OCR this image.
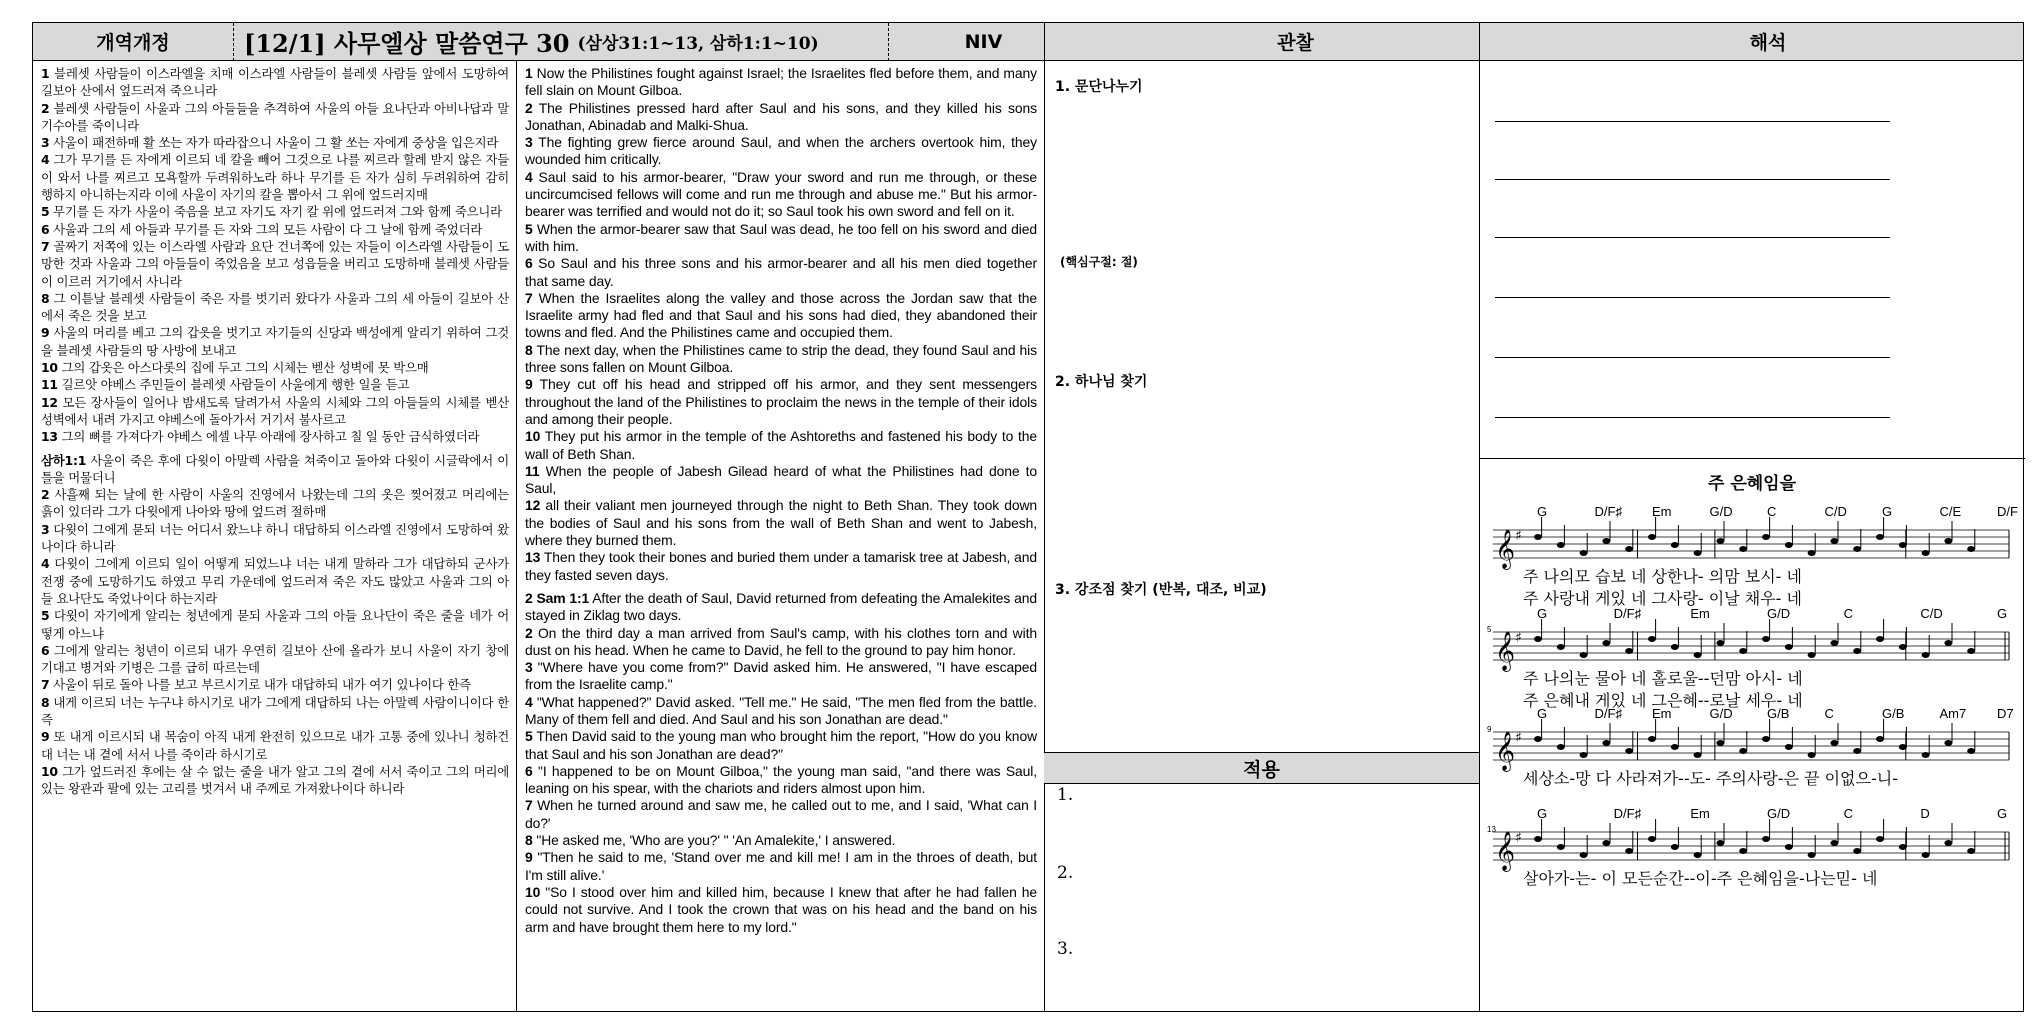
개역개정	[12/1] 사무엘상 말씀연구 30 (삼상31:1~13, 삼하1:1~10)	NIV	관찰	해석

1 블레셋 사람들이 이스라엘을 치매 이스라엘 사람들이 블레셋 사람들 앞에서 도망하여 길보아 산에서 엎드러져 죽으니라

2 블레셋 사람들이 사울과 그의 아들들을 추격하여 사울의 아들 요나단과 아비나답과 말기수아를 죽이니라

3 사울이 패전하매 활 쏘는 자가 따라잡으니 사울이 그 활 쏘는 자에게 중상을 입은지라

4 그가 무기를 든 자에게 이르되 네 칼을 빼어 그것으로 나를 찌르라 할례 받지 않은 자들이 와서 나를 찌르고 모욕할까 두려워하노라 하나 무기를 든 자가 심히 두려워하여 감히 행하지 아니하는지라 이에 사울이 자기의 칼을 뽑아서 그 위에 엎드러지매

5 무기를 든 자가 사울이 죽음을 보고 자기도 자기 칼 위에 엎드러져 그와 함께 죽으니라

6 사울과 그의 세 아들과 무기를 든 자와 그의 모든 사람이 다 그 날에 함께 죽었더라

7 골짜기 저쪽에 있는 이스라엘 사람과 요단 건너쪽에 있는 자들이 이스라엘 사람들이 도망한 것과 사울과 그의 아들들이 죽었음을 보고 성읍들을 버리고 도망하매 블레셋 사람들이 이르러 거기에서 사니라

8 그 이튿날 블레셋 사람들이 죽은 자를 벗기러 왔다가 사울과 그의 세 아들이 길보아 산에서 죽은 것을 보고

9 사울의 머리를 베고 그의 갑옷을 벗기고 자기들의 신당과 백성에게 알리기 위하여 그것을 블레셋 사람들의 땅 사방에 보내고

10 그의 갑옷은 아스다롯의 집에 두고 그의 시체는 벧산 성벽에 못 박으매

11 길르앗 야베스 주민들이 블레셋 사람들이 사울에게 행한 일을 듣고

12 모든 장사들이 일어나 밤새도록 달려가서 사울의 시체와 그의 아들들의 시체를 벧산 성벽에서 내려 가지고 야베스에 돌아가서 거기서 불사르고

13 그의 뼈를 가져다가 야베스 에셀 나무 아래에 장사하고 칠 일 동안 금식하였더라

삼하1:1 사울이 죽은 후에 다윗이 아말렉 사람을 쳐죽이고 돌아와 다윗이 시글락에서 이틀을 머물더니

2 사흘째 되는 날에 한 사람이 사울의 진영에서 나왔는데 그의 옷은 찢어졌고 머리에는 흙이 있더라 그가 다윗에게 나아와 땅에 엎드려 절하매

3 다윗이 그에게 묻되 너는 어디서 왔느냐 하니 대답하되 이스라엘 진영에서 도망하여 왔나이다 하니라

4 다윗이 그에게 이르되 일이 어떻게 되었느냐 너는 내게 말하라 그가 대답하되 군사가 전쟁 중에 도망하기도 하였고 무리 가운데에 엎드러져 죽은 자도 많았고 사울과 그의 아들 요나단도 죽었나이다 하는지라

5 다윗이 자기에게 알리는 청년에게 묻되 사울과 그의 아들 요나단이 죽은 줄을 네가 어떻게 아느냐

6 그에게 알리는 청년이 이르되 내가 우연히 길보아 산에 올라가 보니 사울이 자기 창에 기대고 병거와 기병은 그를 급히 따르는데

7 사울이 뒤로 돌아 나를 보고 부르시기로 내가 대답하되 내가 여기 있나이다 한즉

8 내게 이르되 너는 누구냐 하시기로 내가 그에게 대답하되 나는 아말렉 사람이니이다 한즉

9 또 내게 이르시되 내 목숨이 아직 내게 완전히 있으므로 내가 고통 중에 있나니 청하건대 너는 내 곁에 서서 나를 죽이라 하시기로

10 그가 엎드러진 후에는 살 수 없는 줄을 내가 알고 그의 곁에 서서 죽이고 그의 머리에 있는 왕관과 팔에 있는 고리를 벗겨서 내 주께로 가져왔나이다 하니라

1 Now the Philistines fought against Israel; the Israelites fled before them, and many fell slain on Mount Gilboa.

2 The Philistines pressed hard after Saul and his sons, and they killed his sons Jonathan, Abinadab and Malki-Shua.

3 The fighting grew fierce around Saul, and when the archers overtook him, they wounded him critically.

4 Saul said to his armor-bearer, "Draw your sword and run me through, or these uncircumcised fellows will come and run me through and abuse me." But his armor-bearer was terrified and would not do it; so Saul took his own sword and fell on it.

5 When the armor-bearer saw that Saul was dead, he too fell on his sword and died with him.

6 So Saul and his three sons and his armor-bearer and all his men died together that same day.

7 When the Israelites along the valley and those across the Jordan saw that the Israelite army had fled and that Saul and his sons had died, they abandoned their towns and fled. And the Philistines came and occupied them.

8 The next day, when the Philistines came to strip the dead, they found Saul and his three sons fallen on Mount Gilboa.

9 They cut off his head and stripped off his armor, and they sent messengers throughout the land of the Philistines to proclaim the news in the temple of their idols and among their people.

10 They put his armor in the temple of the Ashtoreths and fastened his body to the wall of Beth Shan.

11 When the people of Jabesh Gilead heard of what the Philistines had done to Saul,

12 all their valiant men journeyed through the night to Beth Shan. They took down the bodies of Saul and his sons from the wall of Beth Shan and went to Jabesh, where they burned them.

13 Then they took their bones and buried them under a tamarisk tree at Jabesh, and they fasted seven days.

2 Sam 1:1 After the death of Saul, David returned from defeating the Amalekites and stayed in Ziklag two days.

2 On the third day a man arrived from Saul's camp, with his clothes torn and with dust on his head. When he came to David, he fell to the ground to pay him honor.

3 "Where have you come from?" David asked him. He answered, "I have escaped from the Israelite camp."

4 "What happened?" David asked. "Tell me." He said, "The men fled from the battle. Many of them fell and died. And Saul and his son Jonathan are dead."

5 Then David said to the young man who brought him the report, "How do you know that Saul and his son Jonathan are dead?"

6 "I happened to be on Mount Gilboa," the young man said, "and there was Saul, leaning on his spear, with the chariots and riders almost upon him.

7 When he turned around and saw me, he called out to me, and I said, 'What can I do?'

8 "He asked me, 'Who are you?' " 'An Amalekite,' I answered.

9 "Then he said to me, 'Stand over me and kill me! I am in the throes of death, but I'm still alive.'

10 "So I stood over him and killed him, because I knew that after he had fallen he could not survive. And I took the crown that was on his head and the band on his arm and have brought them here to my lord."

1. 문단나누기
(핵심구절: 절)
2. 하나님 찾기
3. 강조점 찾기 (반복, 대조, 비교)
적용
1.
2.
3.
주 은혜임을
G	D/F♯ Em	G/D	C	C/D	G	C/E	D/F
𝄞 ♯
주 나의모 습보 네 상한나- 의맘 보시- 네
주 사랑내 게있 네 그사랑- 이날 채우- 네
G	D/F♯	Em	G/D	C	C/D	G
5
𝄞 ♯
주 나의눈 물아 네 홀로울--던맘 아시- 네
주 은혜내 게있 네 그은혜--로날 세우- 네
G	D/F♯ Em	G/D	G/B	C	G/B	Am7 D7
9
𝄞 ♯
세상소-망 다 사라져가--도- 주의사랑-은 끝 이없으-니-
G	D/F♯	Em	G/D	C	D	G
13
𝄞 ♯
살아가-는- 이 모든순간--이-주 은혜임을-나는믿- 네
